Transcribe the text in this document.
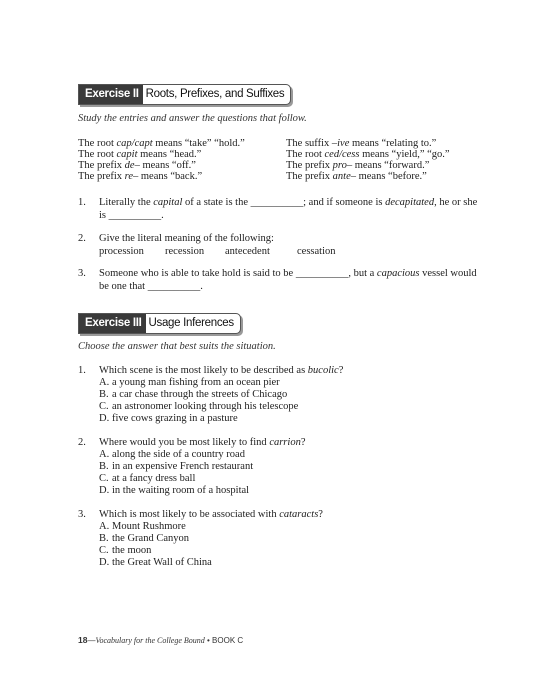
Exercise II Roots, Prefixes, and Suffixes
Study the entries and answer the questions that follow.
The root cap/capt means “take” “hold.”
The root capit means “head.”
The prefix de– means “off.”
The prefix re– means “back.”
The suffix –ive means “relating to.”
The root ced/cess means “yield,” “go.”
The prefix pro– means “forward.”
The prefix ante– means “before.”
1. Literally the capital of a state is the __________; and if someone is decapitated, he or she
is __________.
2. Give the literal meaning of the following:
procession recession antecedent	cessation
3. Someone who is able to take hold is said to be __________, but a capacious vessel would
be one that __________.
Exercise III Usage Inferences
Choose the answer that best suits the situation.
1. Which scene is the most likely to be described as bucolic?
A. a young man fishing from an ocean pier
B. a car chase through the streets of Chicago
C. an astronomer looking through his telescope
D. five cows grazing in a pasture
2. Where would you be most likely to find carrion?
A. along the side of a country road
B. in an expensive French restaurant
C. at a fancy dress ball
D. in the waiting room of a hospital
3. Which is most likely to be associated with cataracts?
A. Mount Rushmore
B. the Grand Canyon
C. the moon
D. the Great Wall of China
18—Vocabulary for the College Bound • BOOK C
